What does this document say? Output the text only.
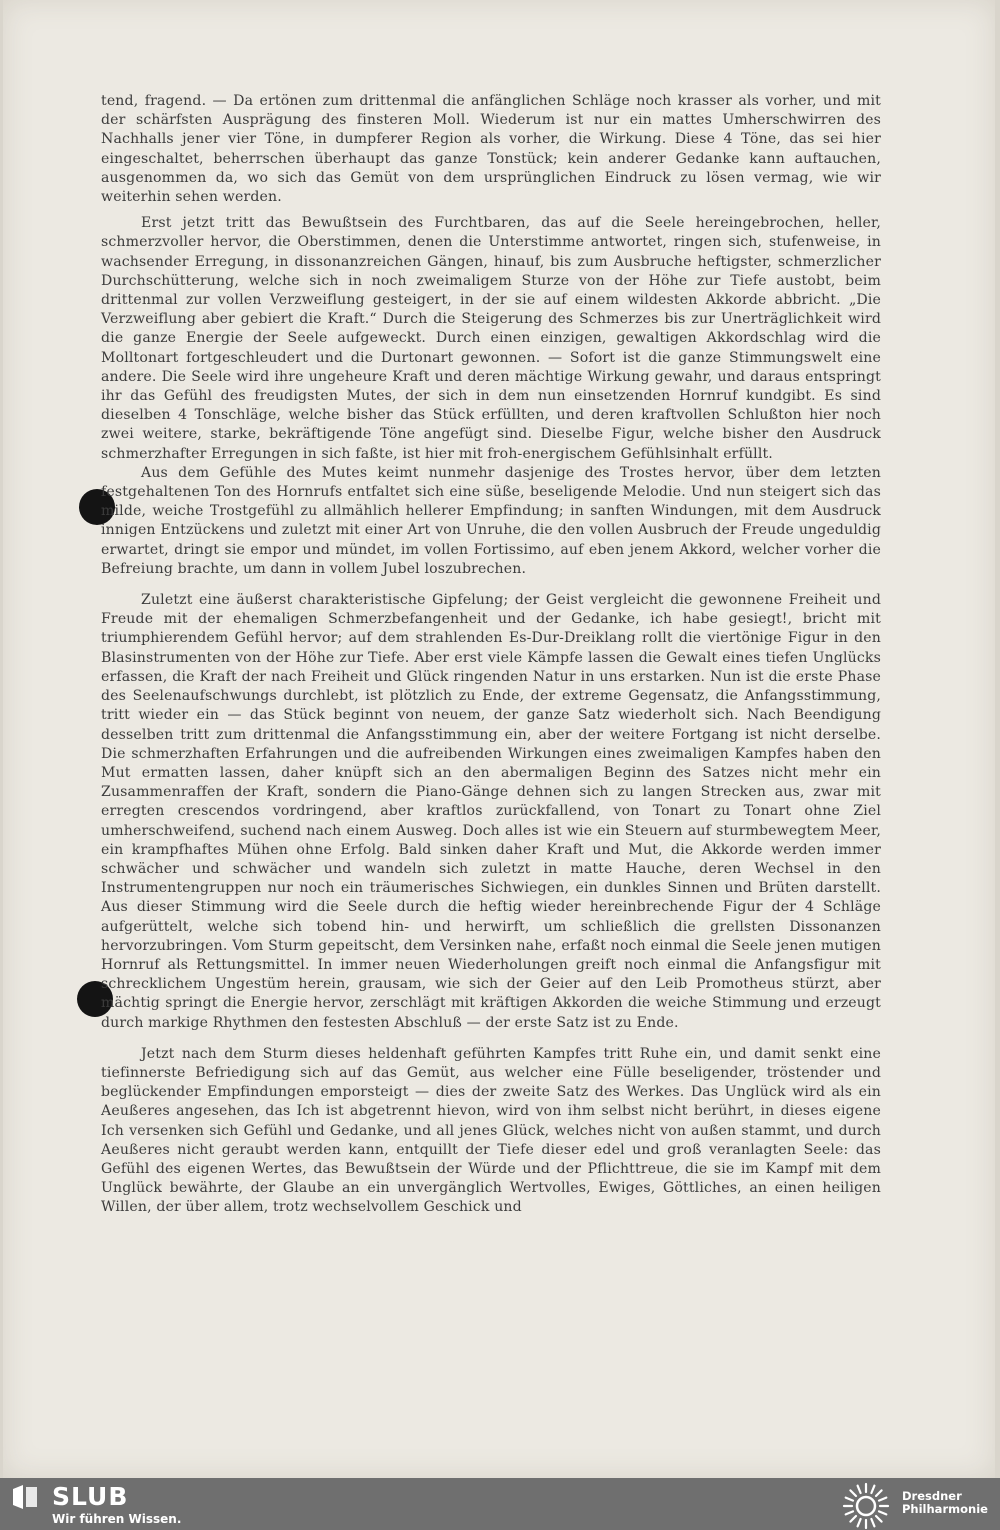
tend, fragend. — Da ertönen zum drittenmal die anfänglichen Schläge noch krasser als vorher, und mit der schärfsten Ausprägung des finsteren Moll. Wiederum ist nur ein mattes Umherschwirren des Nachhalls jener vier Töne, in dumpferer Region als vorher, die Wirkung. Diese 4 Töne, das sei hier eingeschaltet, beherrschen überhaupt das ganze Tonstück; kein anderer Gedanke kann auftauchen, ausgenommen da, wo sich das Gemüt von dem ursprünglichen Eindruck zu lösen vermag, wie wir weiterhin sehen werden.

Erst jetzt tritt das Bewußtsein des Furchtbaren, das auf die Seele hereingebrochen, heller, schmerzvoller hervor, die Oberstimmen, denen die Unterstimme antwortet, ringen sich, stufenweise, in wachsender Erregung, in dissonanzreichen Gängen, hinauf, bis zum Ausbruche heftigster, schmerzlicher Durchschütterung, welche sich in noch zweimaligem Sturze von der Höhe zur Tiefe austobt, beim drittenmal zur vollen Verzweiflung gesteigert, in der sie auf einem wildesten Akkorde abbricht. „Die Verzweiflung aber gebiert die Kraft.“ Durch die Steigerung des Schmerzes bis zur Unerträglichkeit wird die ganze Energie der Seele aufgeweckt. Durch einen einzigen, gewaltigen Akkordschlag wird die Molltonart fortgeschleudert und die Durtonart gewonnen. — Sofort ist die ganze Stimmungswelt eine andere. Die Seele wird ihre ungeheure Kraft und deren mächtige Wirkung gewahr, und daraus entspringt ihr das Gefühl des freudigsten Mutes, der sich in dem nun einsetzenden Hornruf kundgibt. Es sind dieselben 4 Tonschläge, welche bisher das Stück erfüllten, und deren kraftvollen Schlußton hier noch zwei weitere, starke, bekräftigende Töne angefügt sind. Dieselbe Figur, welche bisher den Ausdruck schmerzhafter Erregungen in sich faßte, ist hier mit froh-energischem Gefühlsinhalt erfüllt.

Aus dem Gefühle des Mutes keimt nunmehr dasjenige des Trostes hervor, über dem letzten festgehaltenen Ton des Hornrufs entfaltet sich eine süße, beseligende Melodie. Und nun steigert sich das milde, weiche Trostgefühl zu allmählich hellerer Empfindung; in sanften Windungen, mit dem Ausdruck innigen Entzückens und zuletzt mit einer Art von Unruhe, die den vollen Ausbruch der Freude ungeduldig erwartet, dringt sie empor und mündet, im vollen Fortissimo, auf eben jenem Akkord, welcher vorher die Befreiung brachte, um dann in vollem Jubel loszubrechen.

Zuletzt eine äußerst charakteristische Gipfelung; der Geist vergleicht die gewonnene Freiheit und Freude mit der ehemaligen Schmerzbefangenheit und der Gedanke, ich habe gesiegt!, bricht mit triumphierendem Gefühl hervor; auf dem strahlenden Es-Dur-Dreiklang rollt die viertönige Figur in den Blasinstrumenten von der Höhe zur Tiefe. Aber erst viele Kämpfe lassen die Gewalt eines tiefen Unglücks erfassen, die Kraft der nach Freiheit und Glück ringenden Natur in uns erstarken. Nun ist die erste Phase des Seelenaufschwungs durchlebt, ist plötzlich zu Ende, der extreme Gegensatz, die Anfangsstimmung, tritt wieder ein — das Stück beginnt von neuem, der ganze Satz wiederholt sich. Nach Beendigung desselben tritt zum drittenmal die Anfangsstimmung ein, aber der weitere Fortgang ist nicht derselbe. Die schmerzhaften Erfahrungen und die aufreibenden Wirkungen eines zweimaligen Kampfes haben den Mut ermatten lassen, daher knüpft sich an den abermaligen Beginn des Satzes nicht mehr ein Zusammenraffen der Kraft, sondern die Piano-Gänge dehnen sich zu langen Strecken aus, zwar mit erregten crescendos vordringend, aber kraftlos zurückfallend, von Tonart zu Tonart ohne Ziel umherschweifend, suchend nach einem Ausweg. Doch alles ist wie ein Steuern auf sturmbewegtem Meer, ein krampfhaftes Mühen ohne Erfolg. Bald sinken daher Kraft und Mut, die Akkorde werden immer schwächer und schwächer und wandeln sich zuletzt in matte Hauche, deren Wechsel in den Instrumentengruppen nur noch ein träumerisches Sichwiegen, ein dunkles Sinnen und Brüten darstellt. Aus dieser Stimmung wird die Seele durch die heftig wieder hereinbrechende Figur der 4 Schläge aufgerüttelt, welche sich tobend hin- und herwirft, um schließlich die grellsten Dissonanzen hervorzubringen. Vom Sturm gepeitscht, dem Versinken nahe, erfaßt noch einmal die Seele jenen mutigen Hornruf als Rettungsmittel. In immer neuen Wiederholungen greift noch einmal die Anfangsfigur mit schrecklichem Ungestüm herein, grausam, wie sich der Geier auf den Leib Promotheus stürzt, aber mächtig springt die Energie hervor, zerschlägt mit kräftigen Akkorden die weiche Stimmung und erzeugt durch markige Rhythmen den festesten Abschluß — der erste Satz ist zu Ende.

Jetzt nach dem Sturm dieses heldenhaft geführten Kampfes tritt Ruhe ein, und damit senkt eine tiefinnerste Befriedigung sich auf das Gemüt, aus welcher eine Fülle beseligender, tröstender und beglückender Empfindungen emporsteigt — dies der zweite Satz des Werkes. Das Unglück wird als ein Aeußeres angesehen, das Ich ist abgetrennt hievon, wird von ihm selbst nicht berührt, in dieses eigene Ich versenken sich Gefühl und Gedanke, und all jenes Glück, welches nicht von außen stammt, und durch Aeußeres nicht geraubt werden kann, entquillt der Tiefe dieser edel und groß veranlagten Seele: das Gefühl des eigenen Wertes, das Bewußtsein der Würde und der Pflichttreue, die sie im Kampf mit dem Unglück bewährte, der Glaube an ein unvergänglich Wertvolles, Ewiges, Göttliches, an einen heiligen Willen, der über allem, trotz wechselvollem Geschick und

SLUB
Wir führen Wissen.
Dresdner
Philharmonie
